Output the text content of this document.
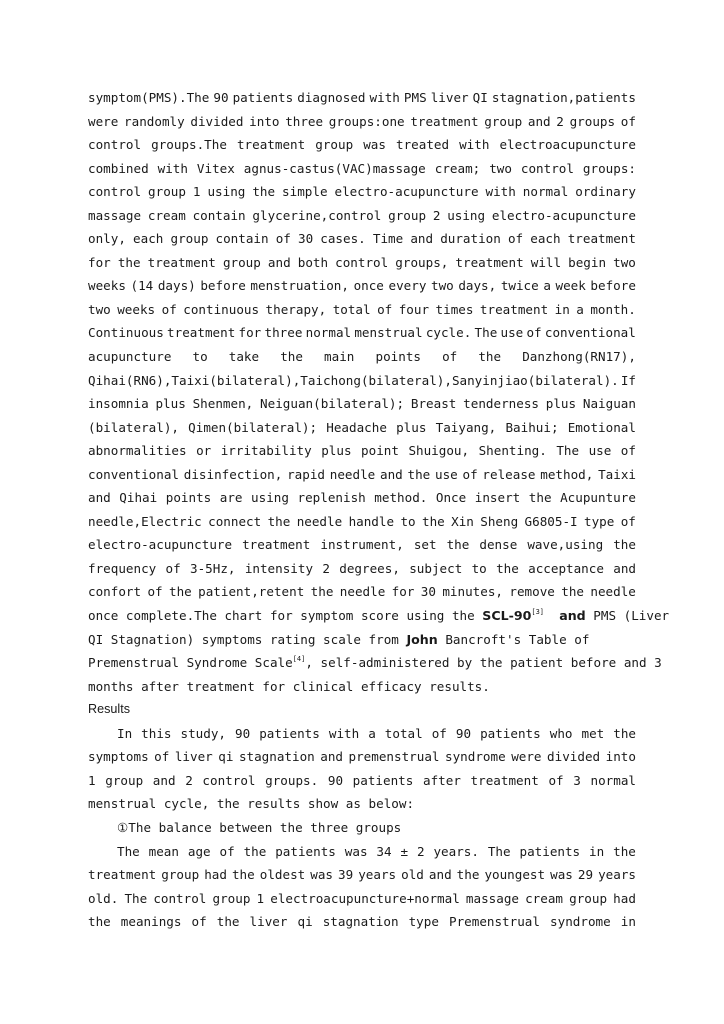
symptom(PMS).The 90 patients diagnosed with PMS liver QI stagnation,patients
were randomly divided into three groups:one treatment group and 2 groups of
control groups.The treatment group was treated with electroacupuncture
combined with Vitex agnus-castus(VAC)massage cream; two control groups:
control group 1 using the simple electro-acupuncture with normal ordinary
massage cream contain glycerine,control group 2 using electro-acupuncture
only, each group contain of 30 cases. Time and duration of each treatment
for the treatment group and both control groups, treatment will begin two
weeks (14 days) before menstruation, once every two days, twice a week before
two weeks of continuous therapy, total of four times treatment in a month.
Continuous treatment for three normal menstrual cycle. The use of conventional
acupuncture to take the main points of the Danzhong(RN17),
Qihai(RN6),Taixi(bilateral),Taichong(bilateral),Sanyinjiao(bilateral). If
insomnia plus Shenmen, Neiguan(bilateral); Breast tenderness plus Naiguan
(bilateral), Qimen(bilateral); Headache plus Taiyang, Baihui; Emotional
abnormalities or irritability plus point Shuigou, Shenting. The use of
conventional disinfection, rapid needle and the use of release method, Taixi
and Qihai points are using replenish method. Once insert the Acupunture
needle,Electric connect the needle handle to the Xin Sheng G6805-I type of
electro-acupuncture treatment instrument, set the dense wave,using the
frequency of 3-5Hz, intensity 2 degrees, subject to the acceptance and
confort of the patient,retent the needle for 30 minutes, remove the needle
once complete.The chart for symptom score using the SCL-90[3] and PMS (Liver
QI Stagnation) symptoms rating scale from John Bancroft's Table of
Premenstrual Syndrome Scale[4], self-administered by the patient before and 3
months after treatment for clinical efficacy results.
Results
In this study, 90 patients with a total of 90 patients who met the
symptoms of liver qi stagnation and premenstrual syndrome were divided into
1 group and 2 control groups. 90 patients after treatment of 3 normal
menstrual cycle, the results show as below:
①The balance between the three groups
The mean age of the patients was 34 ± 2 years. The patients in the
treatment group had the oldest was 39 years old and the youngest was 29 years
old. The control group 1 electroacupuncture+normal massage cream group had
the meanings of the liver qi stagnation type Premenstrual syndrome in
